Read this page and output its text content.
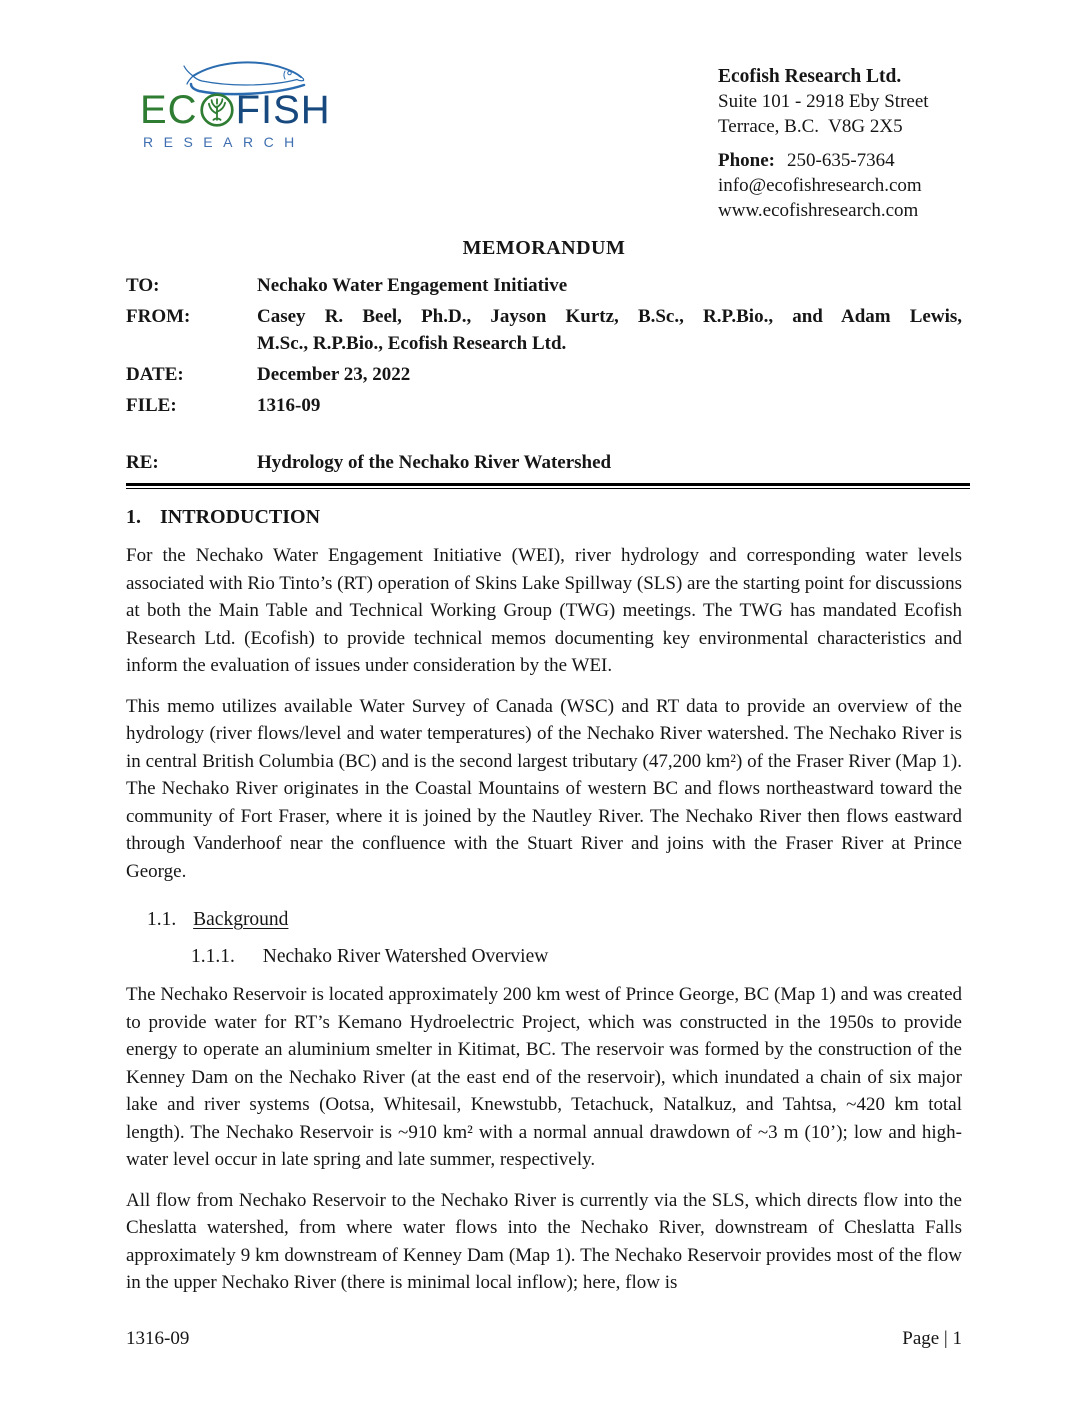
EC FISH
RESEARCH
Ecofish Research Ltd.
Suite 101 - 2918 Eby Street
Terrace, B.C.  V8G 2X5
Phone: 250-635-7364
info@ecofishresearch.com
www.ecofishresearch.com
MEMORANDUM
TO:	Nechako Water Engagement Initiative
FROM:	Casey R. Beel, Ph.D., Jayson Kurtz, B.Sc., R.P.Bio., and Adam Lewis,
M.Sc., R.P.Bio., Ecofish Research Ltd.
DATE:	December 23, 2022
FILE:	1316-09
RE:	Hydrology of the Nechako River Watershed
1. INTRODUCTION

For the Nechako Water Engagement Initiative (WEI), river hydrology and corresponding water levels associated with Rio Tinto’s (RT) operation of Skins Lake Spillway (SLS) are the starting point for discussions at both the Main Table and Technical Working Group (TWG) meetings. The TWG has mandated Ecofish Research Ltd. (Ecofish) to provide technical memos documenting key environmental characteristics and inform the evaluation of issues under consideration by the WEI.

This memo utilizes available Water Survey of Canada (WSC) and RT data to provide an overview of the hydrology (river flows/level and water temperatures) of the Nechako River watershed. The Nechako River is in central British Columbia (BC) and is the second largest tributary (47,200 km²) of the Fraser River (Map 1). The Nechako River originates in the Coastal Mountains of western BC and flows northeastward toward the community of Fort Fraser, where it is joined by the Nautley River. The Nechako River then flows eastward through Vanderhoof near the confluence with the Stuart River and joins with the Fraser River at Prince George.

1.1. Background
1.1.1. Nechako River Watershed Overview

The Nechako Reservoir is located approximately 200 km west of Prince George, BC (Map 1) and was created to provide water for RT’s Kemano Hydroelectric Project, which was constructed in the 1950s to provide energy to operate an aluminium smelter in Kitimat, BC. The reservoir was formed by the construction of the Kenney Dam on the Nechako River (at the east end of the reservoir), which inundated a chain of six major lake and river systems (Ootsa, Whitesail, Knewstubb, Tetachuck, Natalkuz, and Tahtsa, ~420 km total length). The Nechako Reservoir is ~910 km² with a normal annual drawdown of ~3 m (10’); low and high-water level occur in late spring and late summer, respectively.

All flow from Nechako Reservoir to the Nechako River is currently via the SLS, which directs flow into the Cheslatta watershed, from where water flows into the Nechako River, downstream of Cheslatta Falls approximately 9 km downstream of Kenney Dam (Map 1). The Nechako Reservoir provides most of the flow in the upper Nechako River (there is minimal local inflow); here, flow is

1316-09	Page | 1
